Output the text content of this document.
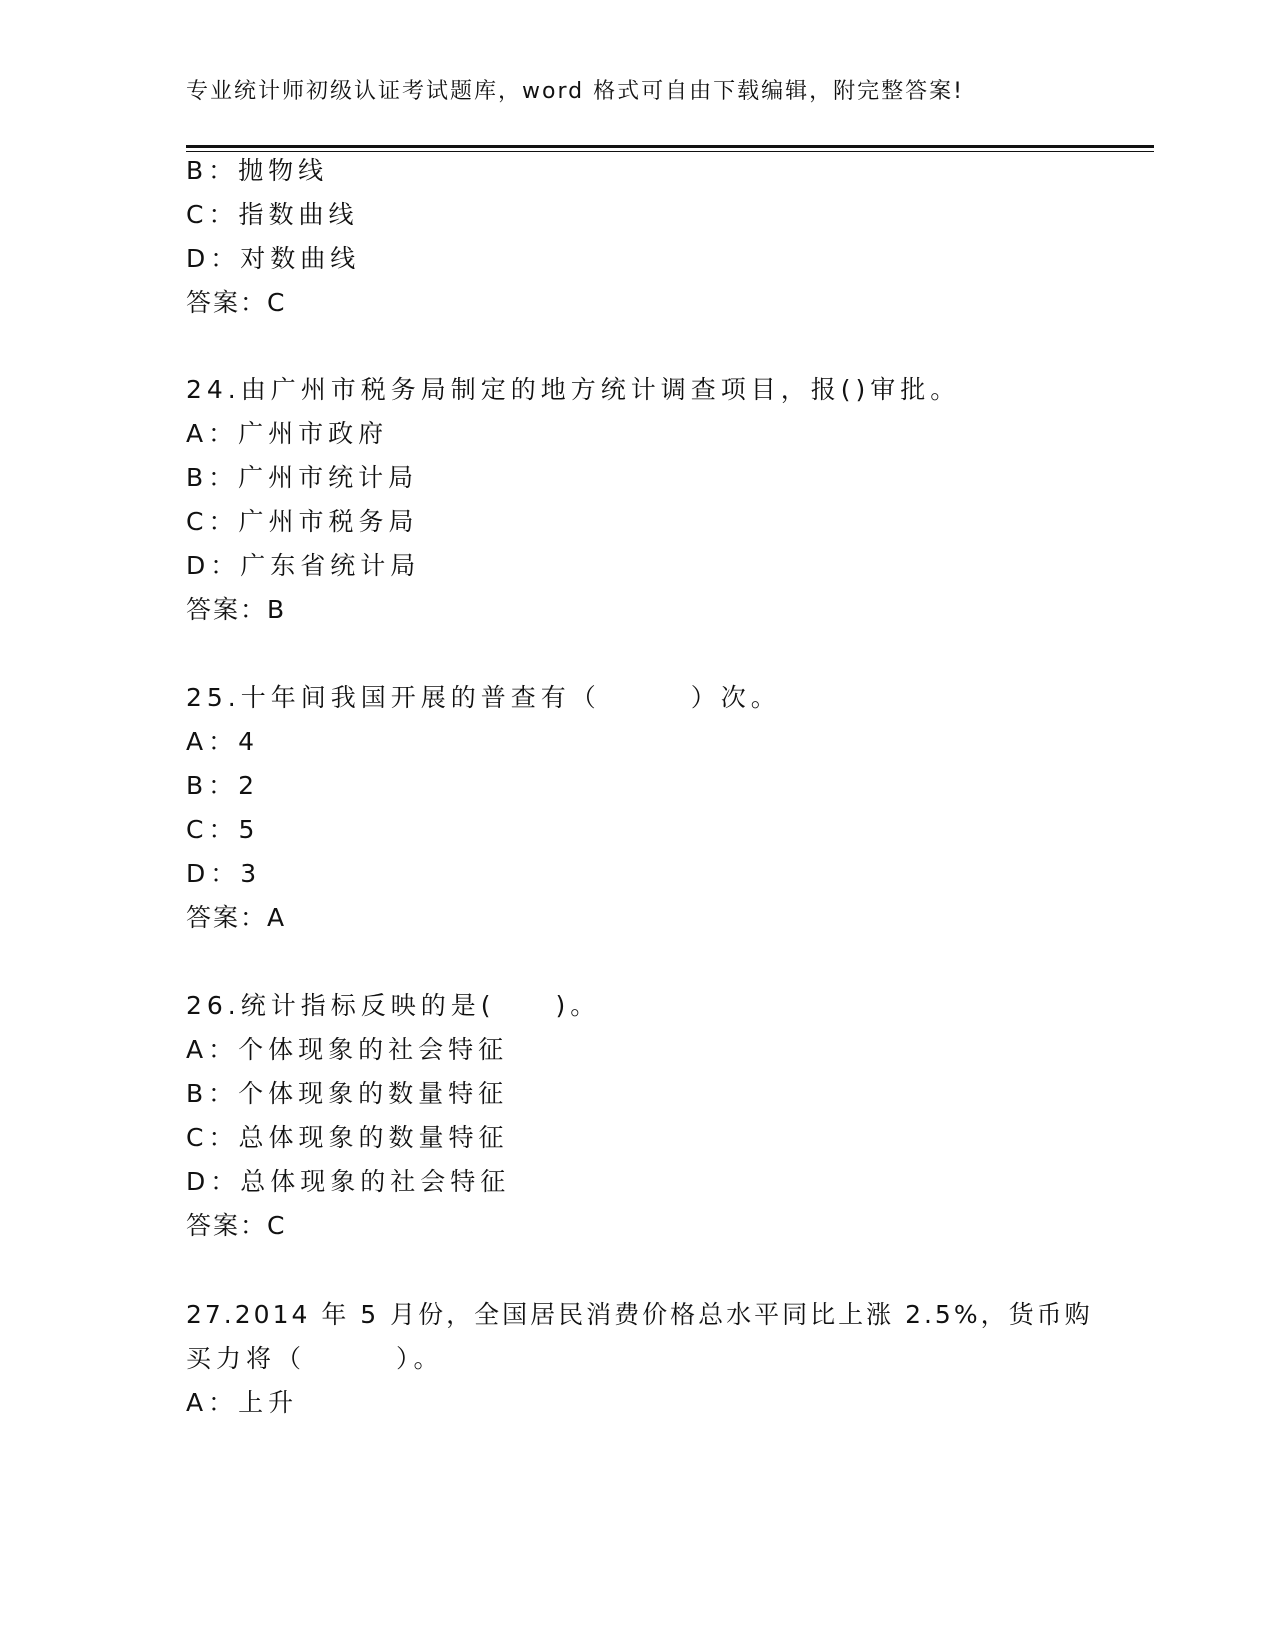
专业统计师初级认证考试题库，word 格式可自由下载编辑，附完整答案!
B：抛物线
C：指数曲线
D：对数曲线
答案：C
24.由广州市税务局制定的地方统计调查项目，报()审批。
A：广州市政府
B：广州市统计局
C：广州市税务局
D：广东省统计局
答案：B
25.十年间我国开展的普查有（　　　）次。
A：4
B：2
C：5
D：3
答案：A
26.统计指标反映的是(　　)。
A：个体现象的社会特征
B：个体现象的数量特征
C：总体现象的数量特征
D：总体现象的社会特征
答案：C
27.2014 年 5 月份，全国居民消费价格总水平同比上涨 2.5%，货币购
买力将（　　　）。
A：上升
